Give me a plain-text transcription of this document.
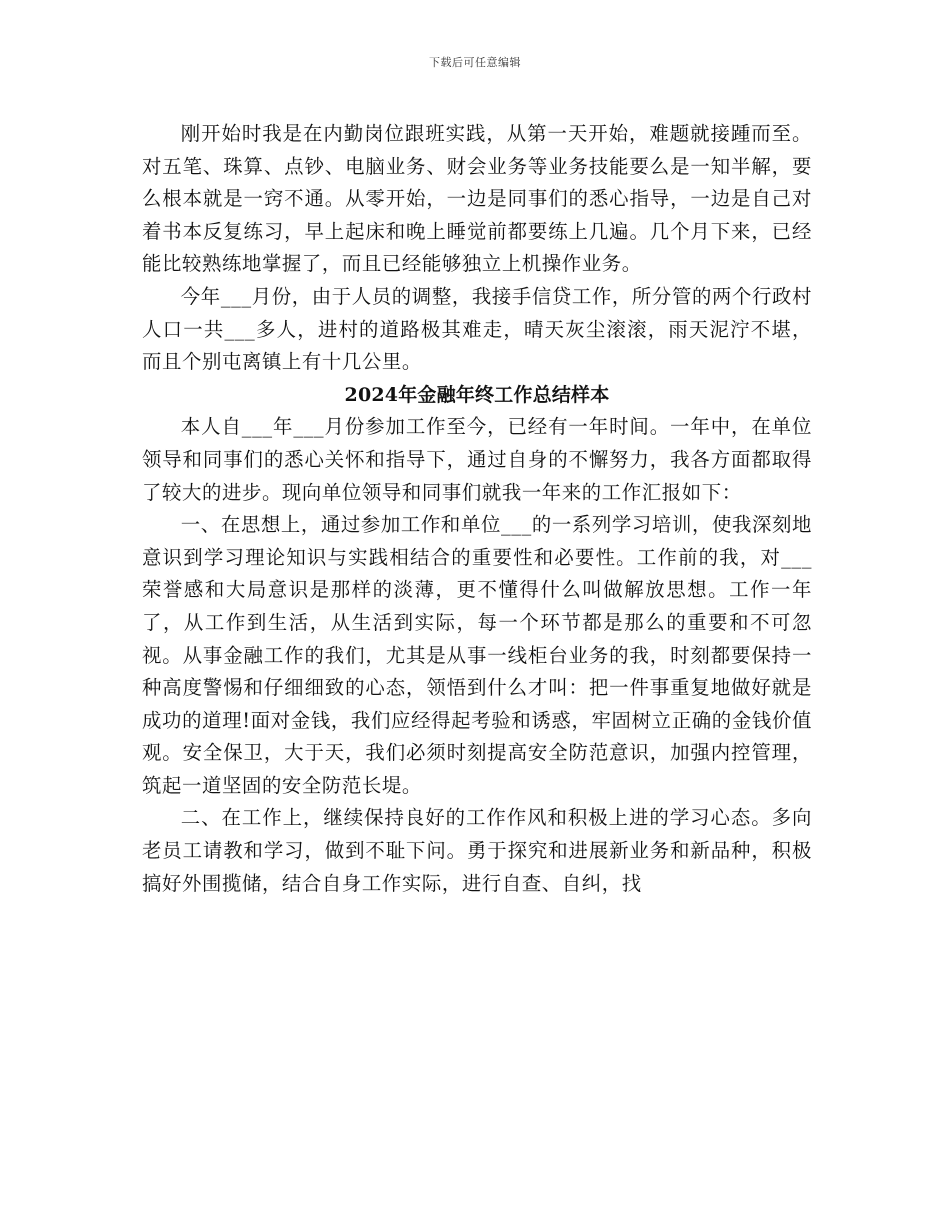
下载后可任意编辑

刚开始时我是在内勤岗位跟班实践，从第一天开始，难题就接踵而至。对五笔、珠算、点钞、电脑业务、财会业务等业务技能要么是一知半解，要么根本就是一窍不通。从零开始，一边是同事们的悉心指导，一边是自己对着书本反复练习，早上起床和晚上睡觉前都要练上几遍。几个月下来，已经能比较熟练地掌握了，而且已经能够独立上机操作业务。

今年___月份，由于人员的调整，我接手信贷工作，所分管的两个行政村人口一共___多人，进村的道路极其难走，晴天灰尘滚滚，雨天泥泞不堪，而且个别屯离镇上有十几公里。

2024年金融年终工作总结样本

本人自___年___月份参加工作至今，已经有一年时间。一年中，在单位领导和同事们的悉心关怀和指导下，通过自身的不懈努力，我各方面都取得了较大的进步。现向单位领导和同事们就我一年来的工作汇报如下：

一、在思想上，通过参加工作和单位___的一系列学习培训，使我深刻地意识到学习理论知识与实践相结合的重要性和必要性。工作前的我，对___荣誉感和大局意识是那样的淡薄，更不懂得什么叫做解放思想。工作一年了，从工作到生活，从生活到实际，每一个环节都是那么的重要和不可忽视。从事金融工作的我们，尤其是从事一线柜台业务的我，时刻都要保持一种高度警惕和仔细细致的心态，领悟到什么才叫：把一件事重复地做好就是成功的道理!面对金钱，我们应经得起考验和诱惑，牢固树立正确的金钱价值观。安全保卫，大于天，我们必须时刻提高安全防范意识，加强内控管理，筑起一道坚固的安全防范长堤。

二、在工作上，继续保持良好的工作作风和积极上进的学习心态。多向老员工请教和学习，做到不耻下问。勇于探究和进展新业务和新品种，积极搞好外围揽储，结合自身工作实际，进行自查、自纠，找
